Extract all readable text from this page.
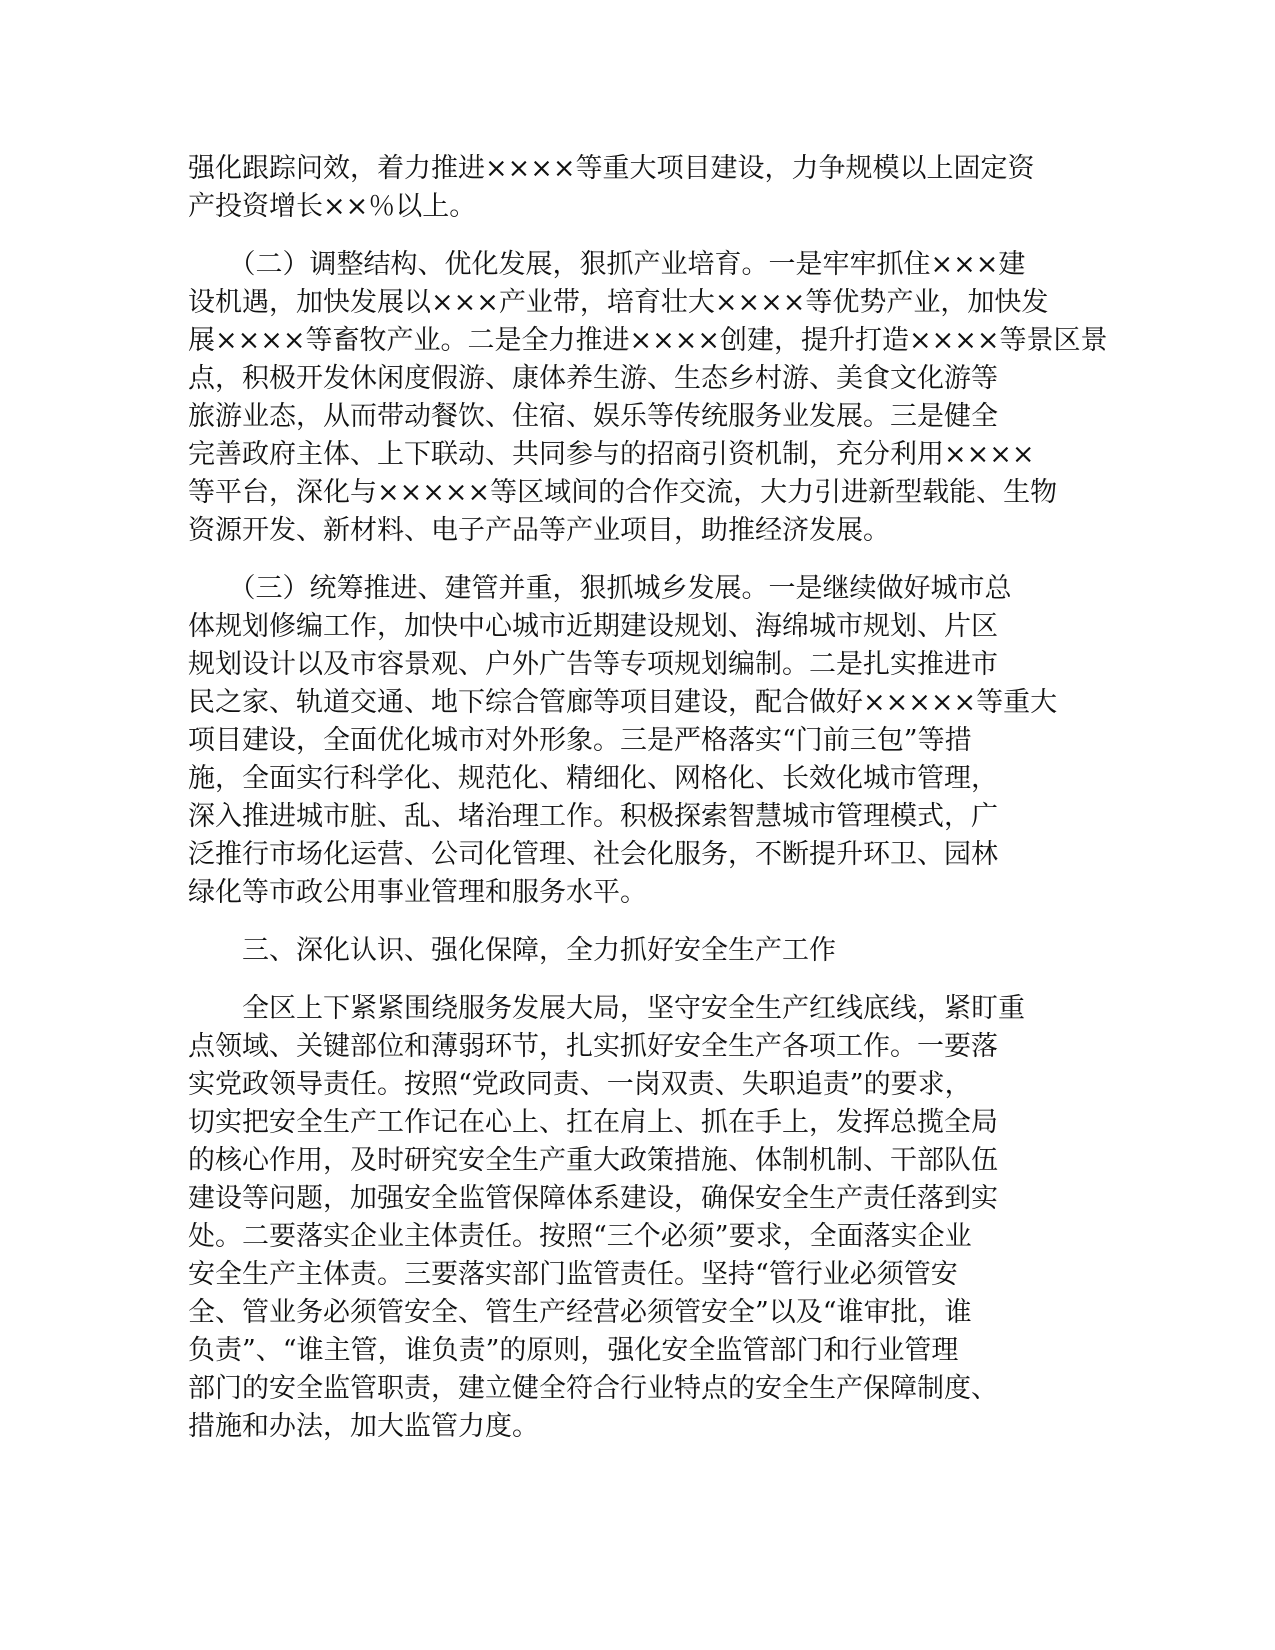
强化跟踪问效，着力推进××××等重大项目建设，力争规模以上固定资
产投资增长××％以上。
　　（二）调整结构、优化发展，狠抓产业培育。一是牢牢抓住×××建
设机遇，加快发展以×××产业带，培育壮大××××等优势产业，加快发
展××××等畜牧产业。二是全力推进××××创建，提升打造××××等景区景
点，积极开发休闲度假游、康体养生游、生态乡村游、美食文化游等
旅游业态，从而带动餐饮、住宿、娱乐等传统服务业发展。三是健全
完善政府主体、上下联动、共同参与的招商引资机制，充分利用××××
等平台，深化与×××××等区域间的合作交流，大力引进新型载能、生物
资源开发、新材料、电子产品等产业项目，助推经济发展。
　　（三）统筹推进、建管并重，狠抓城乡发展。一是继续做好城市总
体规划修编工作，加快中心城市近期建设规划、海绵城市规划、片区
规划设计以及市容景观、户外广告等专项规划编制。二是扎实推进市
民之家、轨道交通、地下综合管廊等项目建设，配合做好×××××等重大
项目建设，全面优化城市对外形象。三是严格落实“门前三包”等措
施，全面实行科学化、规范化、精细化、网格化、长效化城市管理，
深入推进城市脏、乱、堵治理工作。积极探索智慧城市管理模式，广
泛推行市场化运营、公司化管理、社会化服务，不断提升环卫、园林
绿化等市政公用事业管理和服务水平。
　　三、深化认识、强化保障，全力抓好安全生产工作
　　全区上下紧紧围绕服务发展大局，坚守安全生产红线底线，紧盯重
点领域、关键部位和薄弱环节，扎实抓好安全生产各项工作。一要落
实党政领导责任。按照“党政同责、一岗双责、失职追责”的要求，
切实把安全生产工作记在心上、扛在肩上、抓在手上，发挥总揽全局
的核心作用，及时研究安全生产重大政策措施、体制机制、干部队伍
建设等问题，加强安全监管保障体系建设，确保安全生产责任落到实
处。二要落实企业主体责任。按照“三个必须”要求，全面落实企业
安全生产主体责。三要落实部门监管责任。坚持“管行业必须管安
全、管业务必须管安全、管生产经营必须管安全”以及“谁审批，谁
负责”、“谁主管，谁负责”的原则，强化安全监管部门和行业管理
部门的安全监管职责，建立健全符合行业特点的安全生产保障制度、
措施和办法，加大监管力度。
